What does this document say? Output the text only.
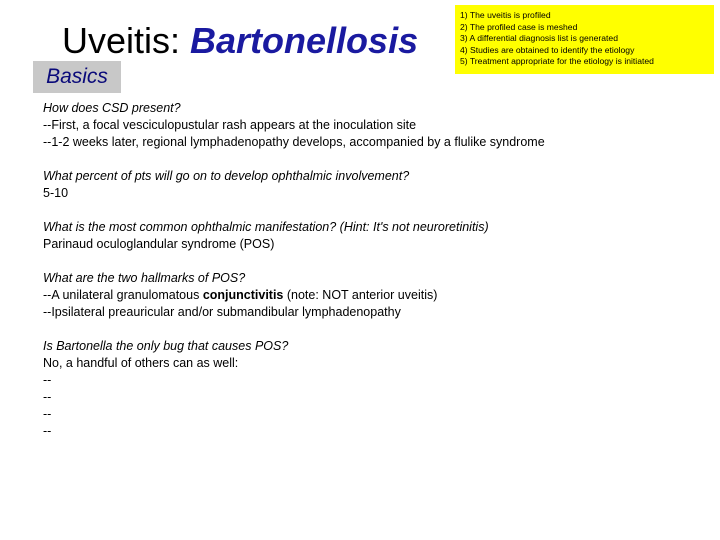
Uveitis: Bartonellosis
Basics
1) The uveitis is profiled
2) The profiled case is meshed
3) A differential diagnosis list is generated
4) Studies are obtained to identify the etiology
5) Treatment appropriate for the etiology is initiated
How does CSD present?
--First, a focal vesciculopustular rash appears at the inoculation site
--1-2 weeks later, regional lymphadenopathy develops, accompanied by a flulike syndrome
What percent of pts will go on to develop ophthalmic involvement?
5-10
What is the most common ophthalmic manifestation? (Hint: It's not neuroretinitis)
Parinaud oculoglandular syndrome (POS)
What are the two hallmarks of POS?
--A unilateral granulomatous conjunctivitis (note: NOT anterior uveitis)
--Ipsilateral preauricular and/or submandibular lymphadenopathy
Is Bartonella the only bug that causes POS?
No, a handful of others can as well:
--
--
--
--
